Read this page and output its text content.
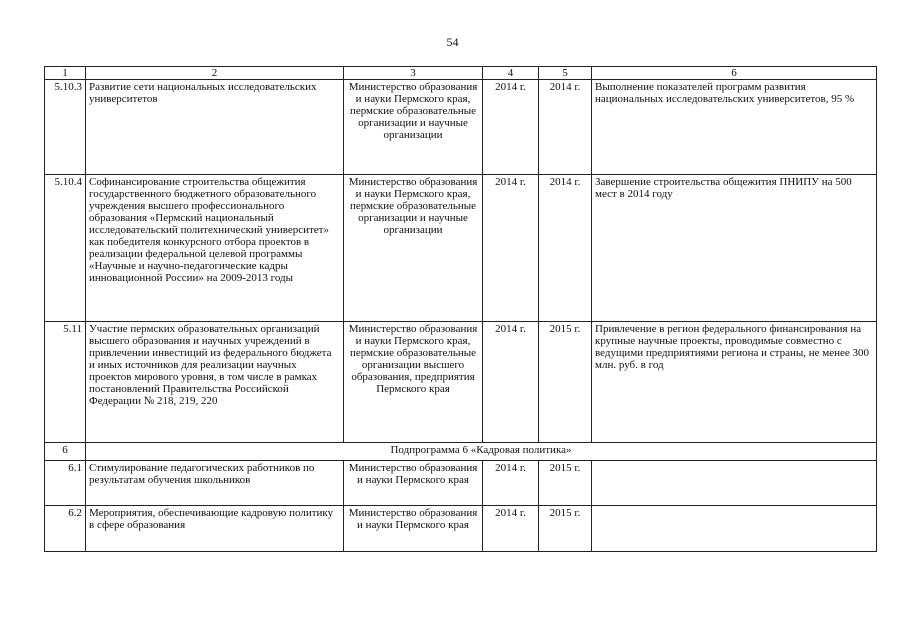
54
1	2	3	4	5	6
5.10.3	Развитие сети национальных исследовательских университетов	Министерство образования и науки Пермского края, пермские образовательные организации и научные организации	2014 г.	2014 г.	Выполнение показателей программ развития национальных исследовательских университетов, 95 %
5.10.4	Софинансирование строительства общежития государственного бюджетного образовательного учреждения высшего профессионального образования «Пермский национальный исследовательский политехнический университет» как победителя конкурсного отбора проектов в реализации федеральной целевой программы «Научные и научно-педагогические кадры инновационной России» на 2009-2013 годы	Министерство образования и науки Пермского края, пермские образовательные организации и научные организации	2014 г.	2014 г.	Завершение строительства общежития ПНИПУ на 500 мест в 2014 году
5.11	Участие пермских образовательных организаций высшего образования и научных учреждений в привлечении инвестиций из федерального бюджета и иных источников для реализации научных проектов мирового уровня, в том числе в рамках постановлений Правительства Российской Федерации № 218, 219, 220	Министерство образования и науки Пермского края, пермские образовательные организации высшего образования, предприятия Пермского края	2014 г.	2015 г.	Привлечение в регион федерального финансирования на крупные научные проекты, проводимые совместно с ведущими предприятиями региона и страны, не менее 300 млн. руб. в год
6	Подпрограмма 6 «Кадровая политика»				
6.1	Стимулирование педагогических работников по результатам обучения школьников	Министерство образования и науки Пермского края	2014 г.	2015 г.	
6.2	Мероприятия, обеспечивающие кадровую политику в сфере образования	Министерство образования и науки Пермского края	2014 г.	2015 г.	
